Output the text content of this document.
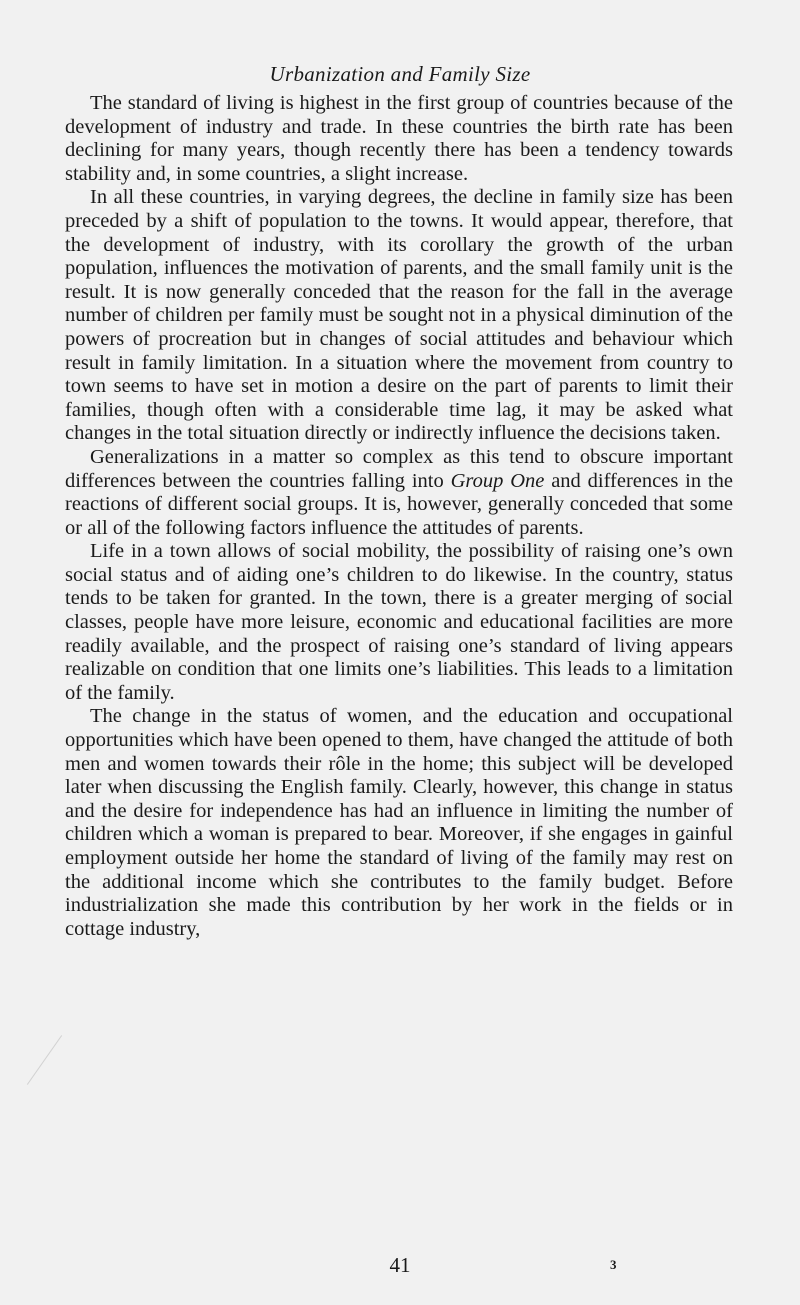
Urbanization and Family Size

The standard of living is highest in the first group of countries because of the development of industry and trade. In these countries the birth rate has been declining for many years, though recently there has been a tendency towards stability and, in some countries, a slight increase.

In all these countries, in varying degrees, the decline in family size has been preceded by a shift of population to the towns. It would appear, therefore, that the development of industry, with its corollary the growth of the urban population, influences the motivation of parents, and the small family unit is the result. It is now generally conceded that the reason for the fall in the average number of children per family must be sought not in a physical diminution of the powers of procreation but in changes of social attitudes and behaviour which result in family limitation. In a situation where the movement from country to town seems to have set in motion a desire on the part of parents to limit their families, though often with a considerable time lag, it may be asked what changes in the total situation directly or indirectly influence the decisions taken.

Generalizations in a matter so complex as this tend to obscure important differences between the countries falling into Group One and differences in the reactions of different social groups. It is, however, generally conceded that some or all of the following factors influence the attitudes of parents.

Life in a town allows of social mobility, the possibility of raising one’s own social status and of aiding one’s children to do likewise. In the country, status tends to be taken for granted. In the town, there is a greater merging of social classes, people have more leisure, economic and educational facilities are more readily available, and the prospect of raising one’s standard of living appears realizable on condition that one limits one’s liabilities. This leads to a limitation of the family.

The change in the status of women, and the education and occupational opportunities which have been opened to them, have changed the attitude of both men and women towards their rôle in the home; this subject will be developed later when discussing the English family. Clearly, however, this change in status and the desire for independence has had an influence in limiting the number of children which a woman is prepared to bear. Moreover, if she engages in gainful employment outside her home the standard of living of the family may rest on the additional income which she contributes to the family budget. Before industrialization she made this contribution by her work in the fields or in cottage industry,

41	3
